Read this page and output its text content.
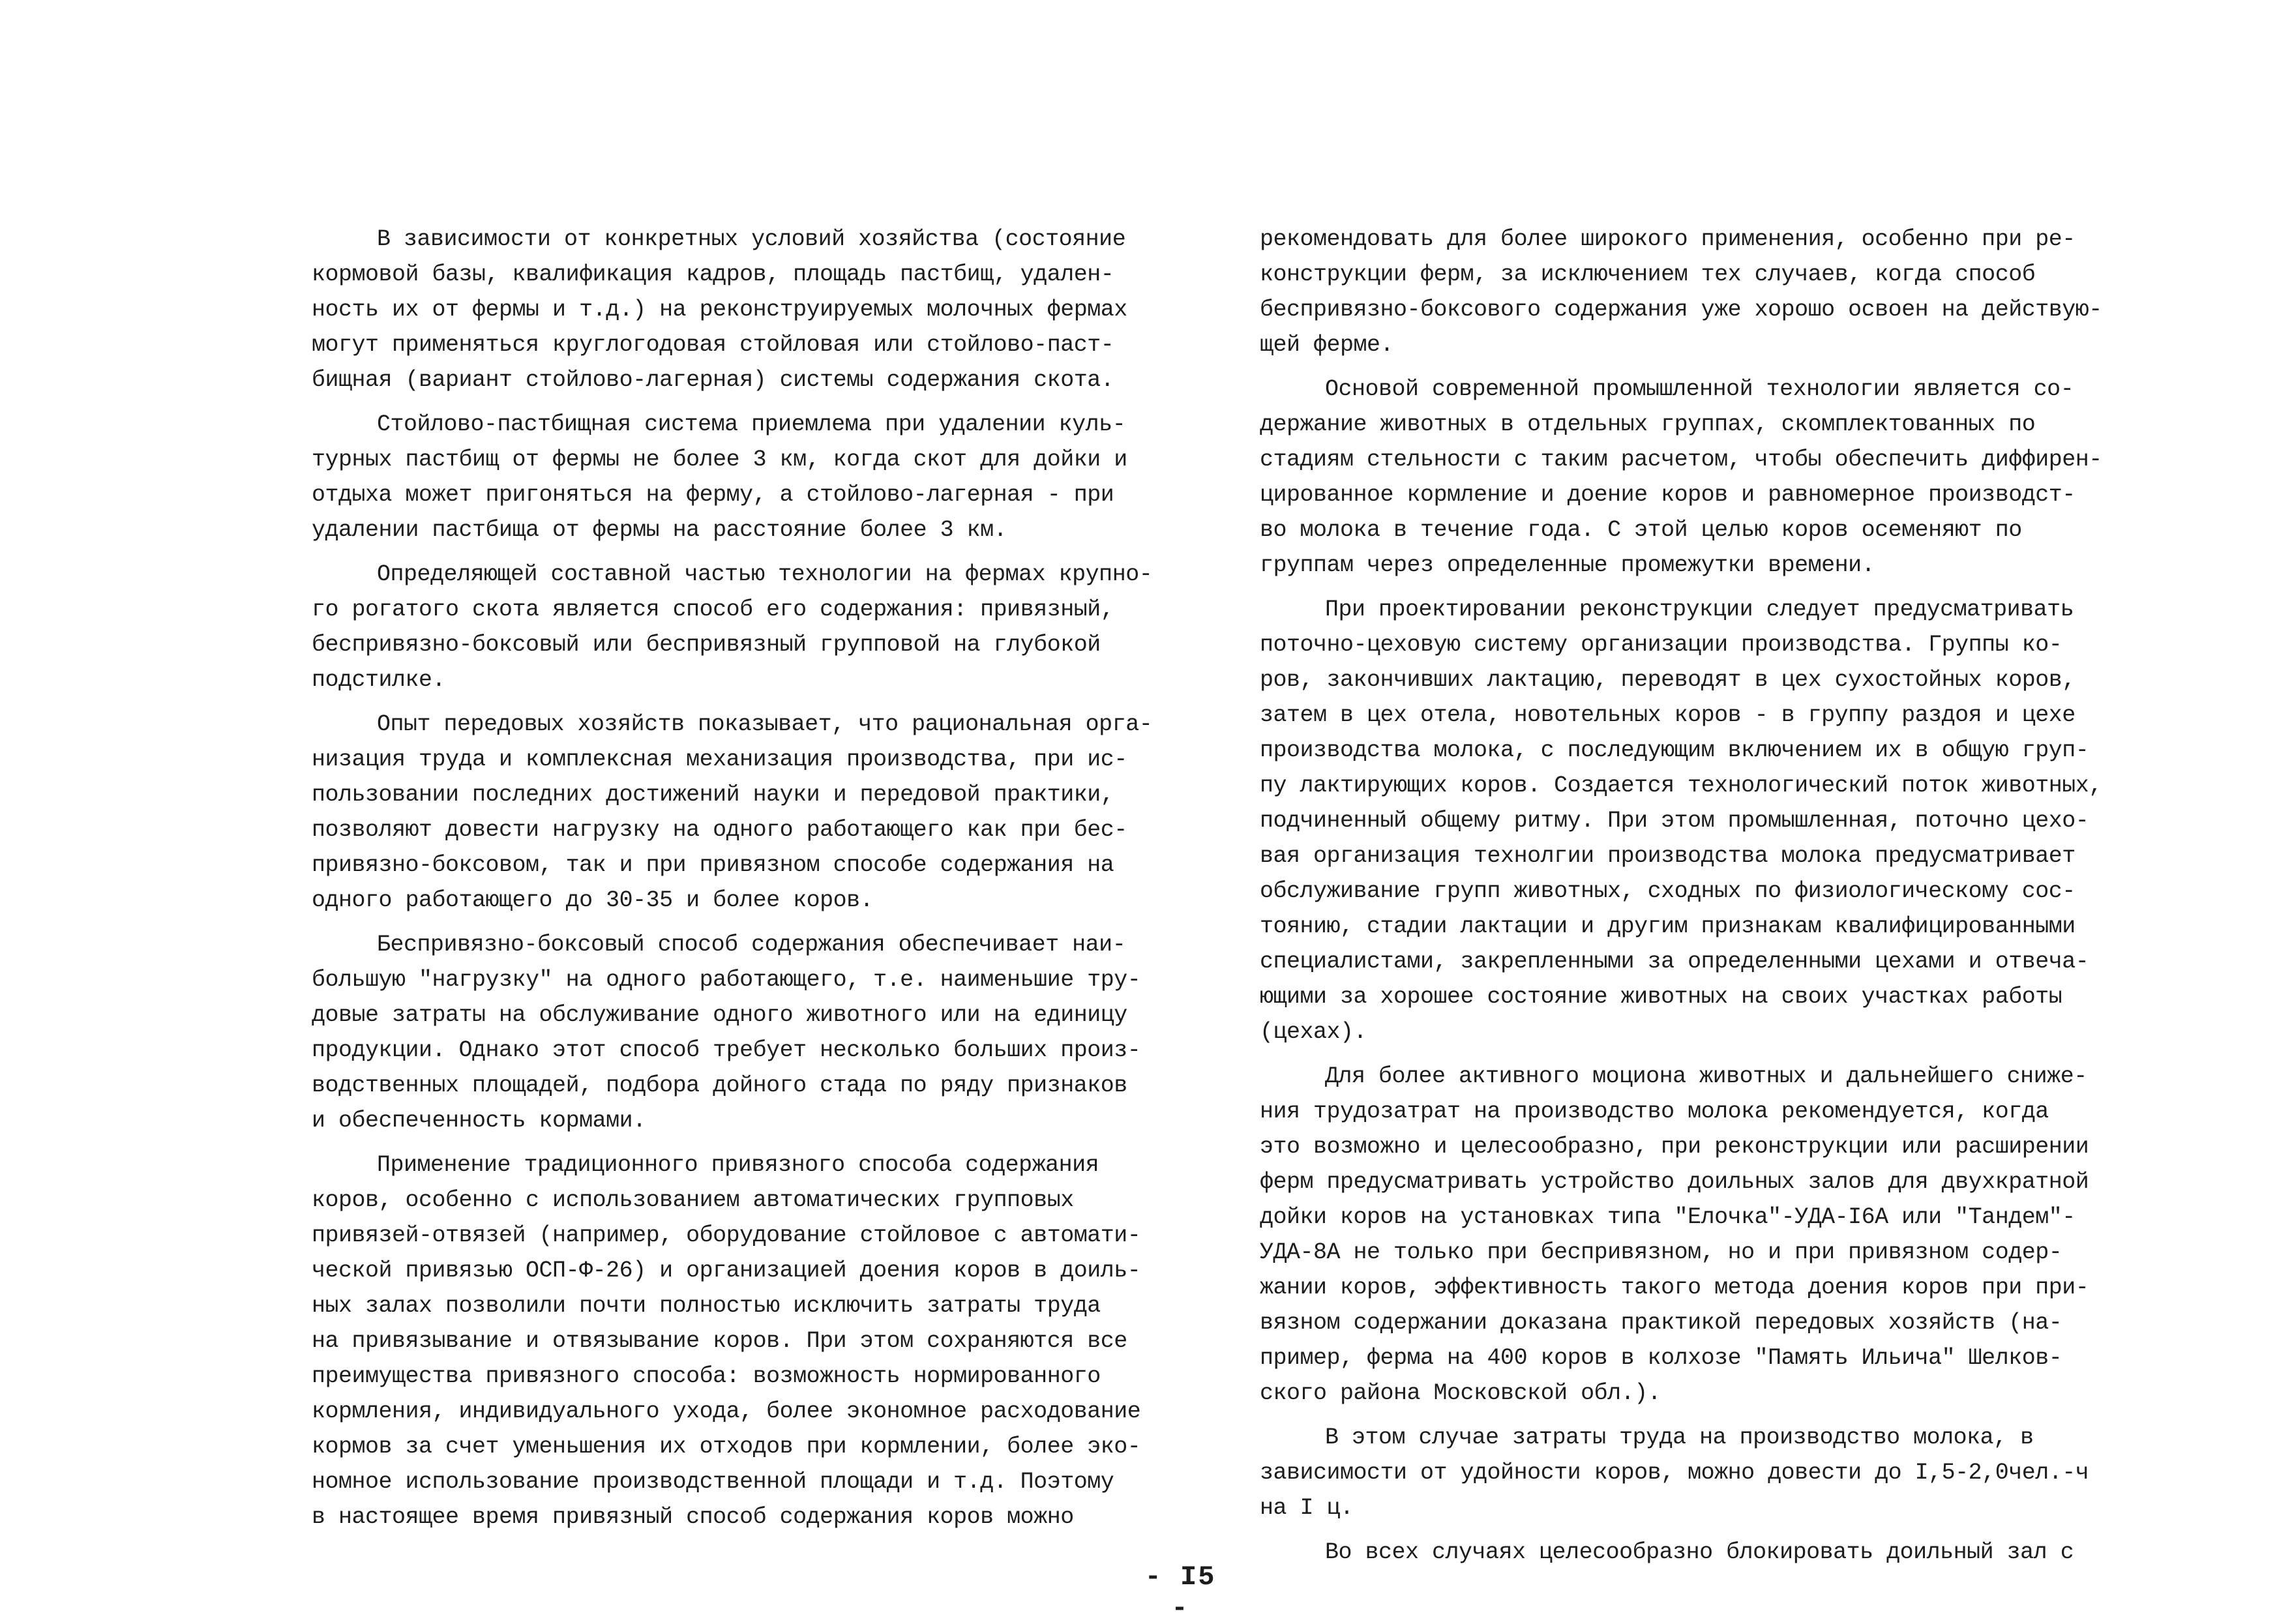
В зависимости от конкретных условий хозяйства (состояние
кормовой базы, квалификация кадров, площадь пастбищ, удален-
ность их от фермы и т.д.) на реконструируемых молочных фермах
могут применяться круглогодовая стойловая или стойлово-паст-
бищная (вариант стойлово-лагерная) системы содержания скота.

Стойлово-пастбищная система приемлема при удалении куль-
турных пастбищ от фермы не более 3 км, когда скот для дойки и
отдыха может пригоняться на ферму, а стойлово-лагерная - при
удалении пастбища от фермы на расстояние более 3 км.

Определяющей составной частью технологии на фермах крупно-
го рогатого скота является способ его содержания: привязный,
беспривязно-боксовый или беспривязный групповой на глубокой
подстилке.

Опыт передовых хозяйств показывает, что рациональная орга-
низация труда и комплексная механизация производства, при ис-
пользовании последних достижений науки и передовой практики,
позволяют довести нагрузку на одного работающего как при бес-
привязно-боксовом, так и при привязном способе содержания на
одного работающего до 30-35 и более коров.

Беспривязно-боксовый способ содержания обеспечивает наи-
большую "нагрузку" на одного работающего, т.е. наименьшие тру-
довые затраты на обслуживание одного животного или на единицу
продукции. Однако этот способ требует несколько больших произ-
водственных площадей, подбора дойного стада по ряду признаков
и обеспеченность кормами.

Применение традиционного привязного способа содержания
коров, особенно с использованием автоматических групповых
привязей-отвязей (например, оборудование стойловое с автомати-
ческой привязью ОСП-Ф-26) и организацией доения коров в доиль-
ных залах позволили почти полностью исключить затраты труда
на привязывание и отвязывание коров. При этом сохраняются все
преимущества привязного способа: возможность нормированного
кормления, индивидуального ухода, более экономное расходование
кормов за счет уменьшения их отходов при кормлении, более эко-
номное использование производственной площади и т.д. Поэтому
в настоящее время привязный способ содержания коров можно

рекомендовать для более широкого применения, особенно при ре-
конструкции ферм, за исключением тех случаев, когда способ
беспривязно-боксового содержания уже хорошо освоен на действую-
щей ферме.

Основой современной промышленной технологии является со-
держание животных в отдельных группах, скомплектованных по
стадиям стельности с таким расчетом, чтобы обеспечить диффирен-
цированное кормление и доение коров и равномерное производст-
во молока в течение года. С этой целью коров осеменяют по
группам через определенные промежутки времени.

При проектировании реконструкции следует предусматривать
поточно-цеховую систему организации производства. Группы ко-
ров, закончивших лактацию, переводят в цех сухостойных коров,
затем в цех отела, новотельных коров - в группу раздоя и цехе
производства молока, с последующим включением их в общую груп-
пу лактирующих коров. Создается технологический поток животных,
подчиненный общему ритму. При этом промышленная, поточно цехо-
вая организация технолгии производства молока предусматривает
обслуживание групп животных, сходных по физиологическому сос-
тоянию, стадии лактации и другим признакам квалифицированными
специалистами, закрепленными за определенными цехами и отвеча-
ющими за хорошее состояние животных на своих участках работы
(цехах).

Для более активного моциона животных и дальнейшего сниже-
ния трудозатрат на производство молока рекомендуется, когда
это возможно и целесообразно, при реконструкции или расширении
ферм предусматривать устройство доильных залов для двухкратной
дойки коров на установках типа "Елочка"-УДА-I6А или "Тандем"-
УДА-8А не только при беспривязном, но и при привязном содер-
жании коров, эффективность такого метода доения коров при при-
вязном содержании доказана практикой передовых хозяйств (на-
пример, ферма на 400 коров в колхозе "Память Ильича" Шелков-
ского района Московской обл.).

В этом случае затраты труда на производство молока, в
зависимости от удойности коров, можно довести до I,5-2,0чел.-ч
на I ц.

Во всех случаях целесообразно блокировать доильный зал с

- I5 -
